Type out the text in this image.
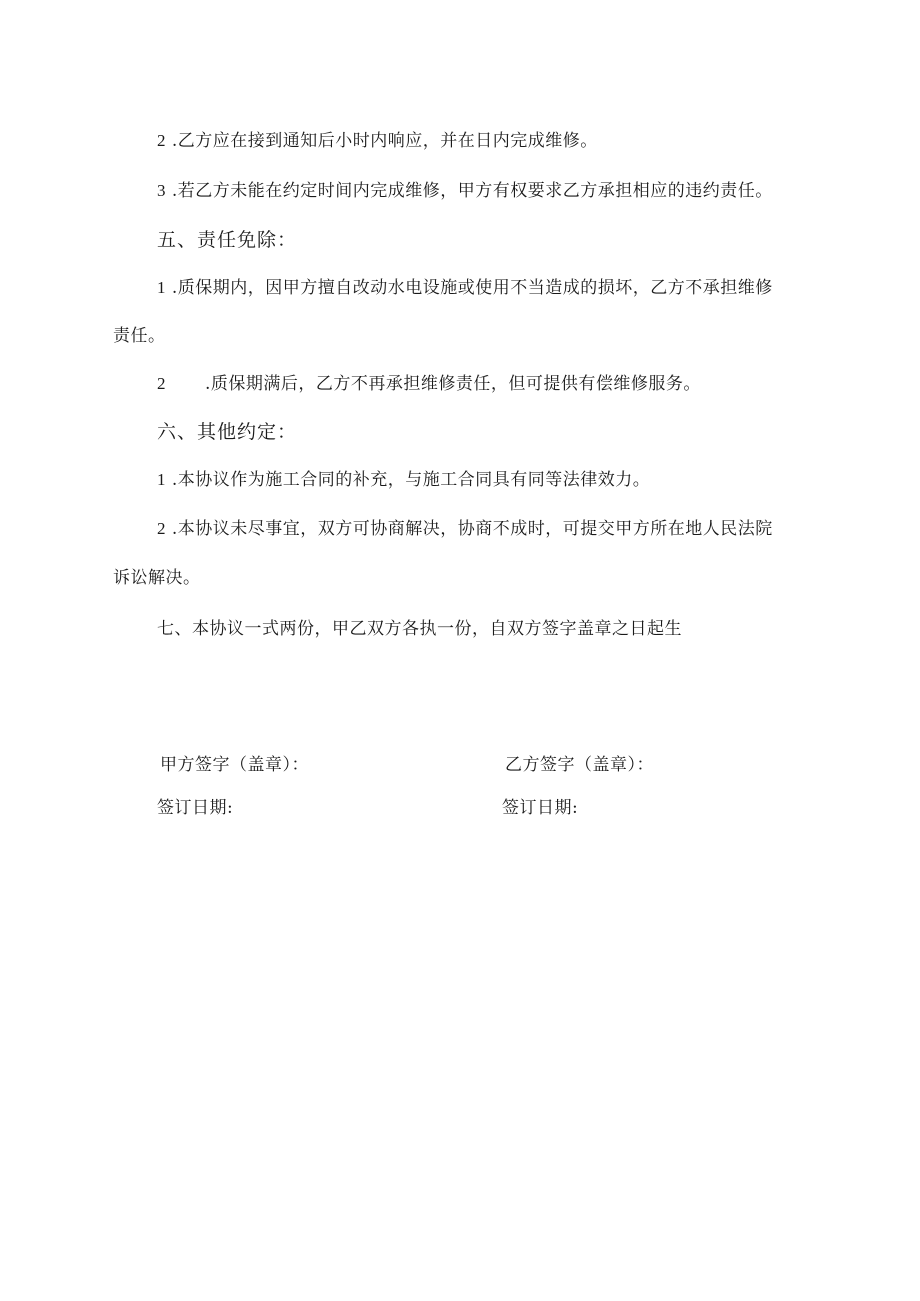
2 .乙方应在接到通知后小时内响应，并在日内完成维修。
3 .若乙方未能在约定时间内完成维修，甲方有权要求乙方承担相应的违约责任。
五、责任免除：
1 .质保期内，因甲方擅自改动水电设施或使用不当造成的损坏，乙方不承担维修
责任。
2 .质保期满后，乙方不再承担维修责任，但可提供有偿维修服务。
六、其他约定：
1 .本协议作为施工合同的补充，与施工合同具有同等法律效力。
2 .本协议未尽事宜，双方可协商解决，协商不成时，可提交甲方所在地人民法院
诉讼解决。
七、本协议一式两份，甲乙双方各执一份，自双方签字盖章之日起生
甲方签字（盖章）：
签订日期:
乙方签字（盖章）：
签订日期:
